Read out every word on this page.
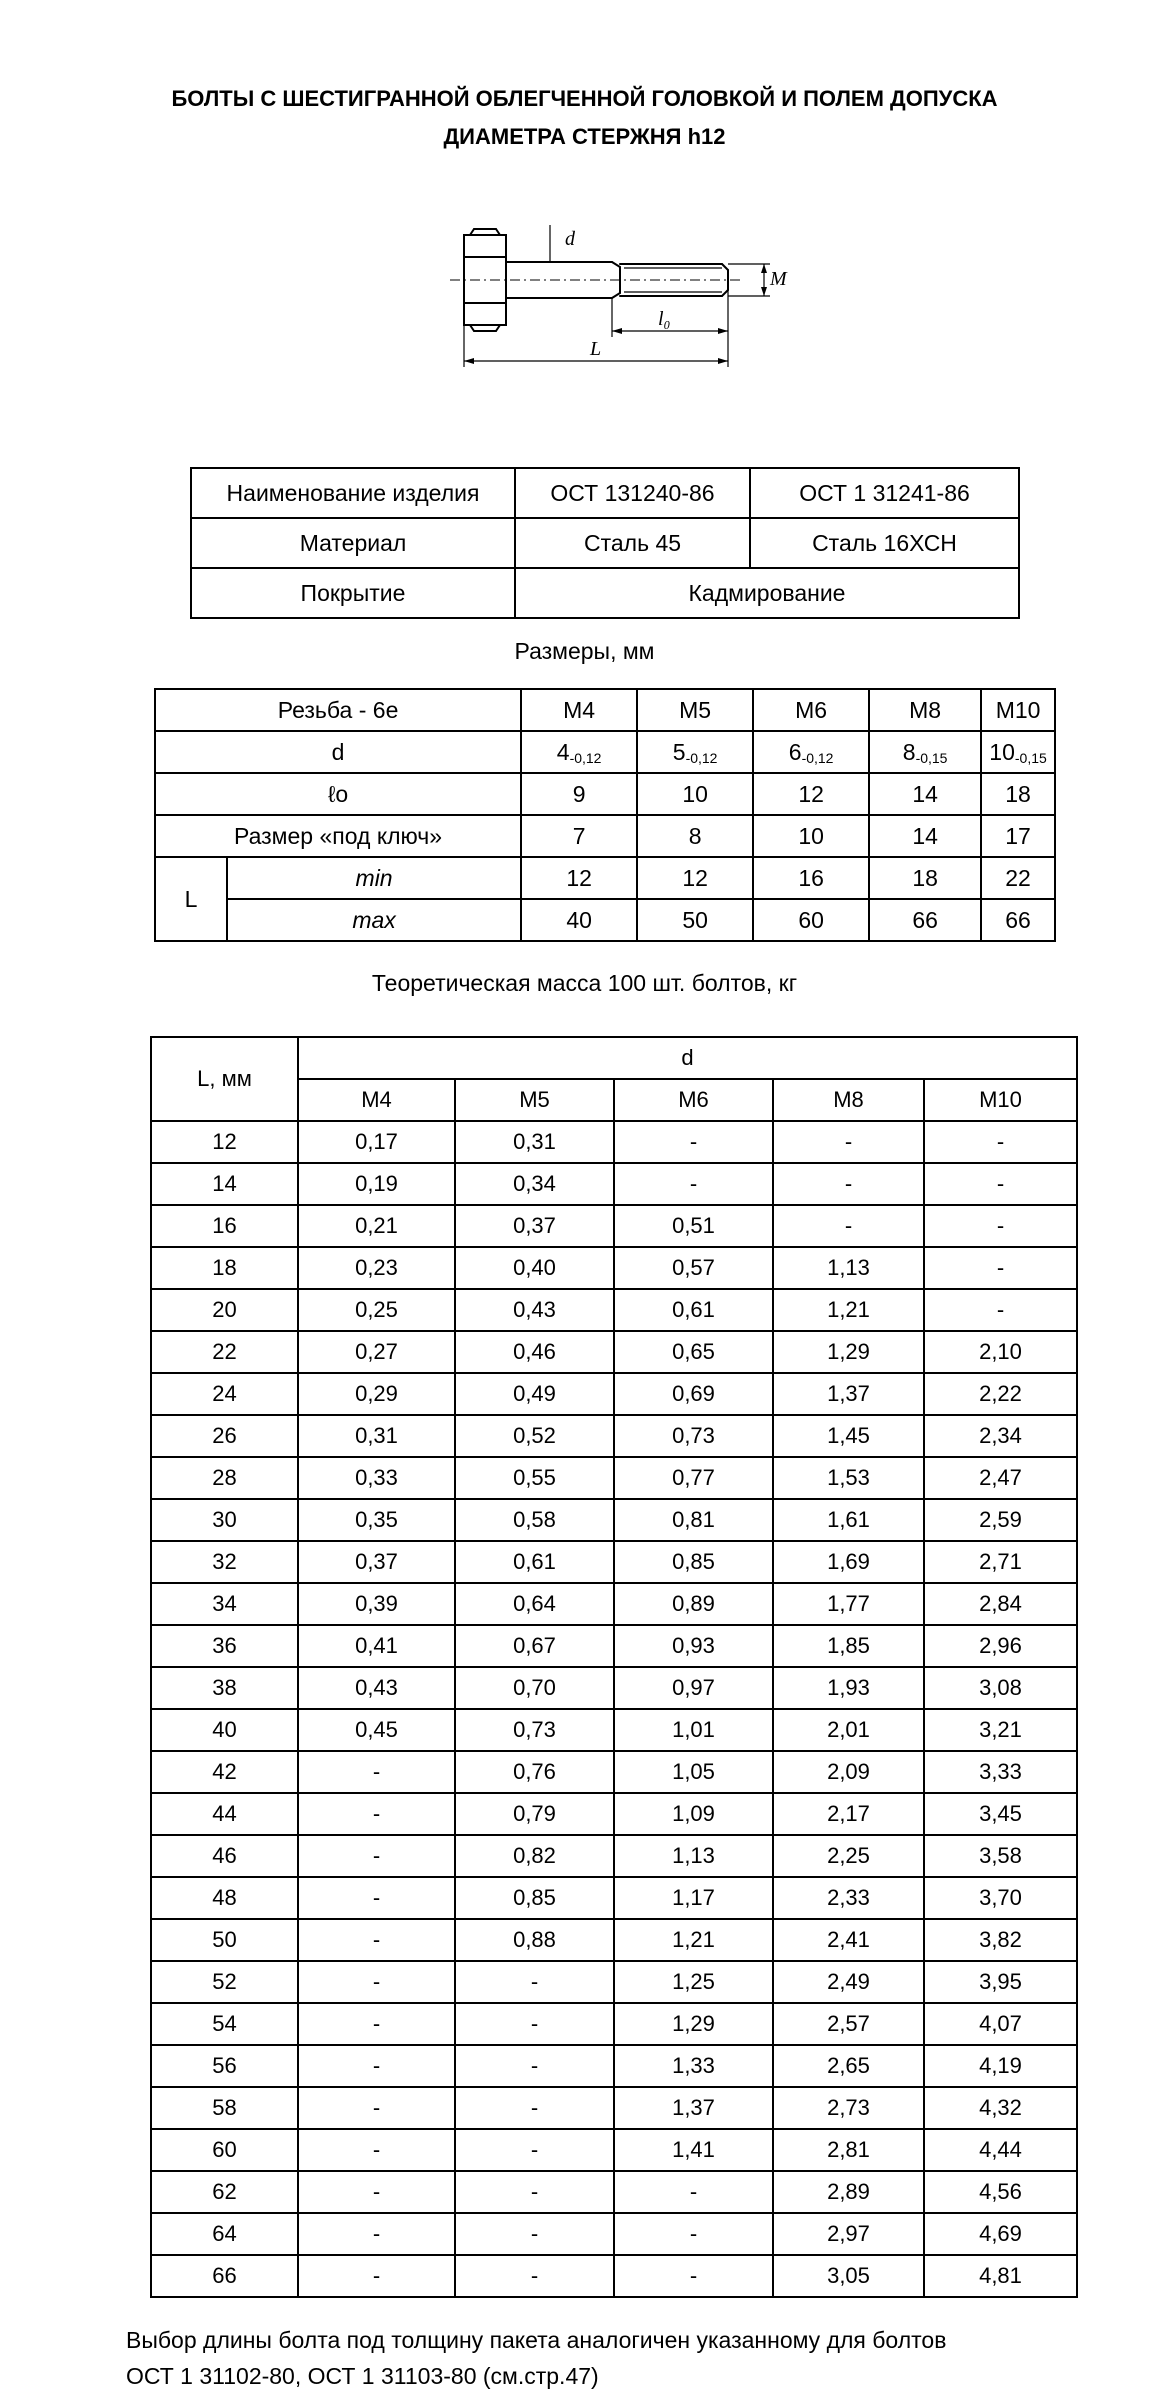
БОЛТЫ С ШЕСТИГРАННОЙ ОБЛЕГЧЕННОЙ ГОЛОВКОЙ И ПОЛЕМ ДОПУСКА
ДИАМЕТРА СТЕРЖНЯ h12
d
M
l₀
L
Наименование изделия	ОСТ 131240-86	ОСТ 1 31241-86
Материал	Сталь 45	Сталь 16ХСН
Покрытие	Кадмирование	
Размеры, мм
Резьба - 6е		M4	M5	M6	M8	M10
d		$4_{-0,12}$	$5_{-0,12}$	$6_{-0,12}$	$8_{-0,15}$	$10_{-0,15}$
ℓo		9	10	12	14	18
Размер «под ключ»		7	8	10	14	17
L	min	12	12	16	18	22
	max	40	50	60	66	66
Теоретическая масса 100 шт. болтов, кг
L, мм	d				
	M4	M5	M6	M8	M10
12	0,17	0,31	-	-	-
14	0,19	0,34	-	-	-
16	0,21	0,37	0,51	-	-
18	0,23	0,40	0,57	1,13	-
20	0,25	0,43	0,61	1,21	-
22	0,27	0,46	0,65	1,29	2,10
24	0,29	0,49	0,69	1,37	2,22
26	0,31	0,52	0,73	1,45	2,34
28	0,33	0,55	0,77	1,53	2,47
30	0,35	0,58	0,81	1,61	2,59
32	0,37	0,61	0,85	1,69	2,71
34	0,39	0,64	0,89	1,77	2,84
36	0,41	0,67	0,93	1,85	2,96
38	0,43	0,70	0,97	1,93	3,08
40	0,45	0,73	1,01	2,01	3,21
42	-	0,76	1,05	2,09	3,33
44	-	0,79	1,09	2,17	3,45
46	-	0,82	1,13	2,25	3,58
48	-	0,85	1,17	2,33	3,70
50	-	0,88	1,21	2,41	3,82
52	-	-	1,25	2,49	3,95
54	-	-	1,29	2,57	4,07
56	-	-	1,33	2,65	4,19
58	-	-	1,37	2,73	4,32
60	-	-	1,41	2,81	4,44
62	-	-	-	2,89	4,56
64	-	-	-	2,97	4,69
66	-	-	-	3,05	4,81
Выбор длины болта под толщину пакета аналогичен указанному для болтов
ОСТ 1 31102-80, ОСТ 1 31103-80 (см.стр.47)
